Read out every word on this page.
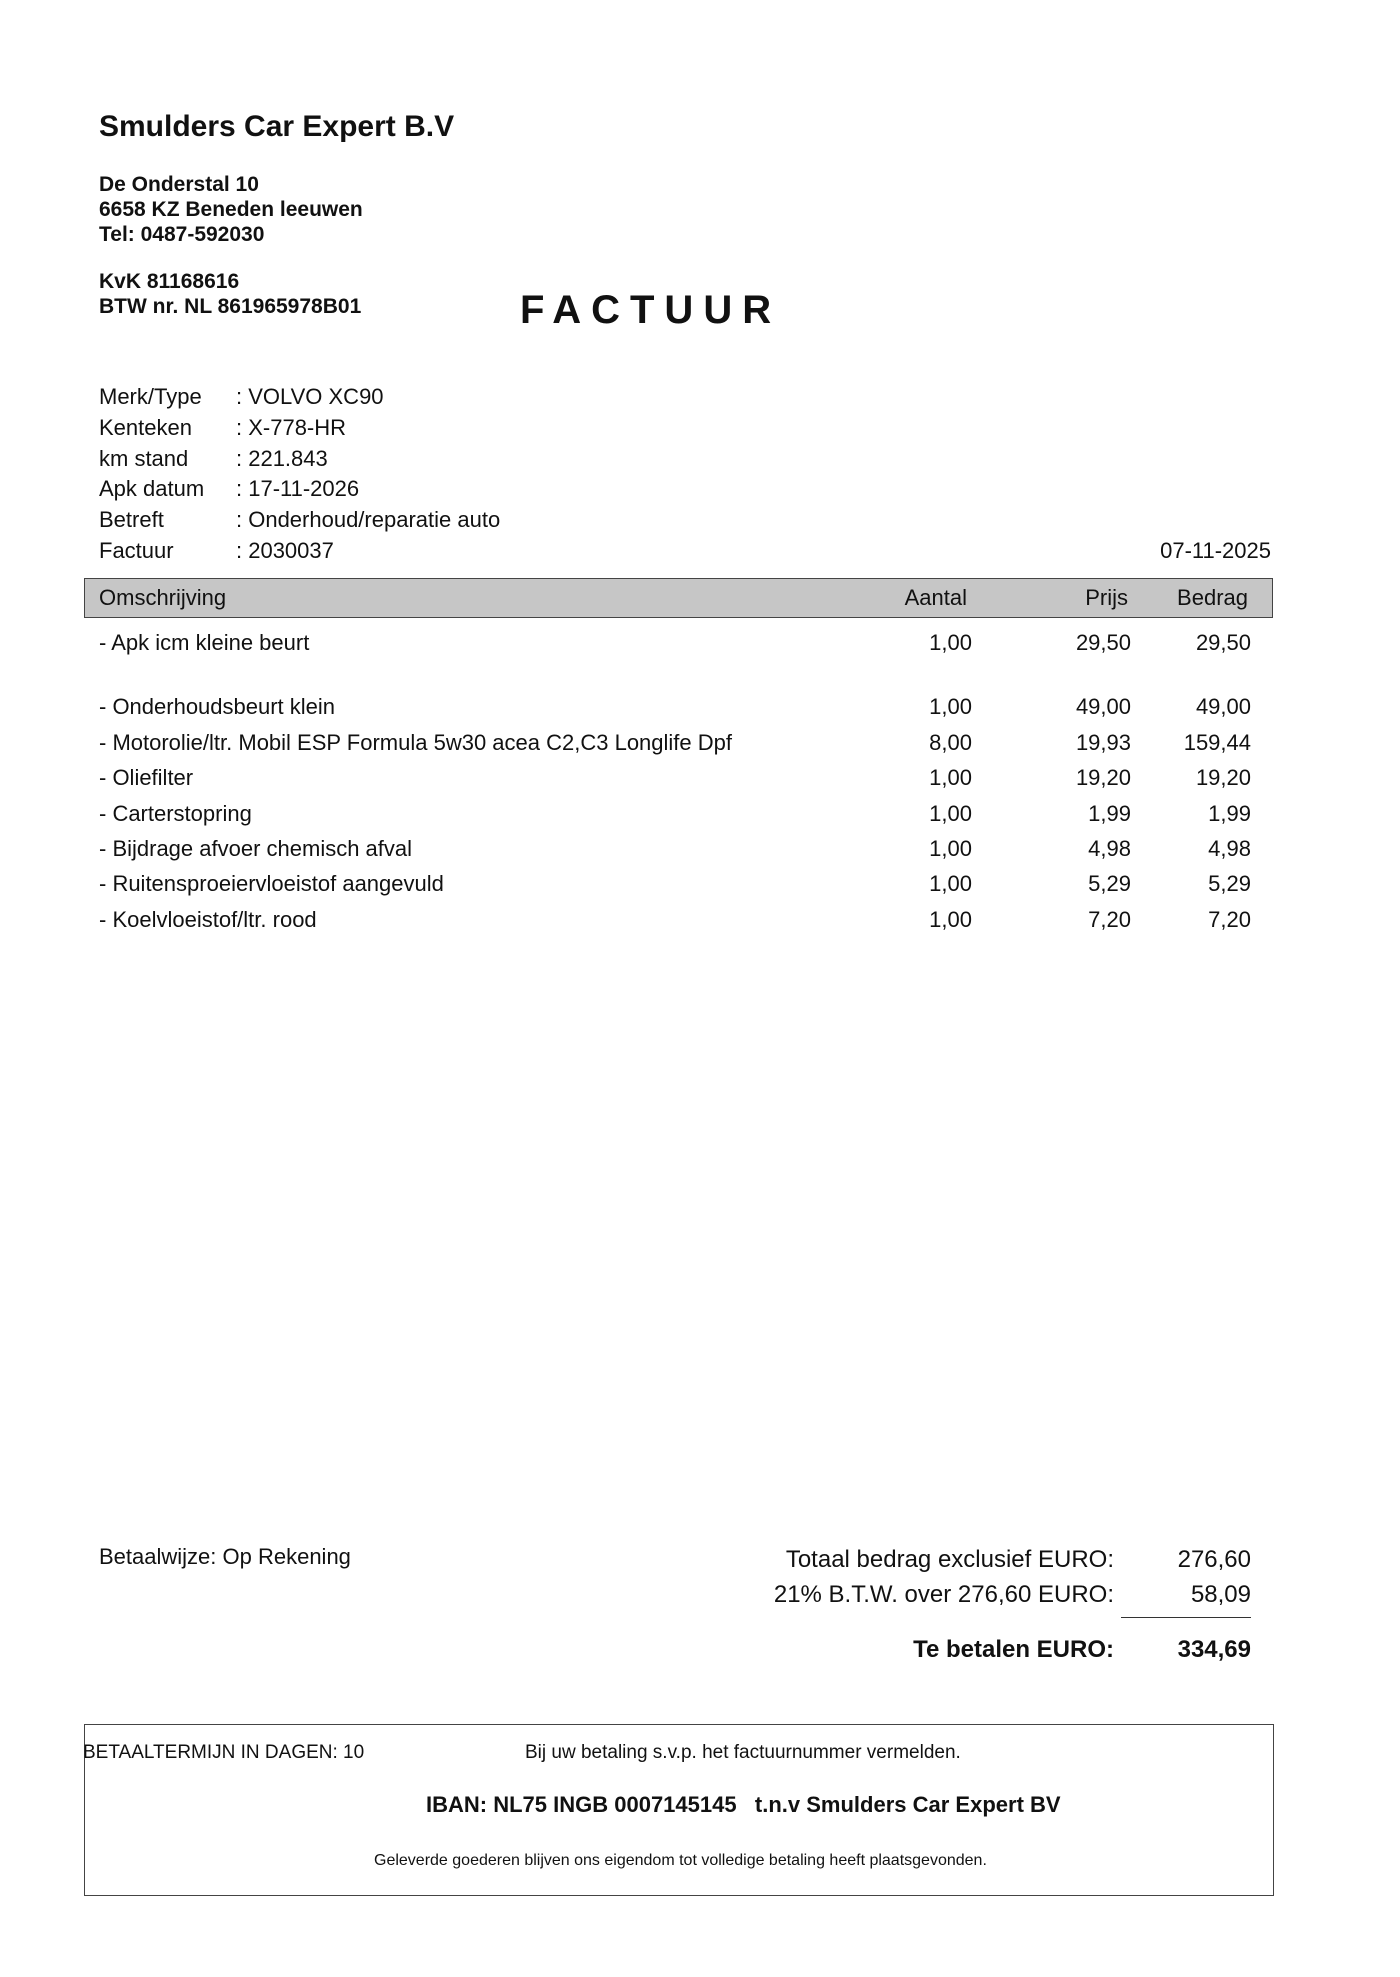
Smulders Car Expert B.V
De Onderstal 10
6658 KZ Beneden leeuwen
Tel: 0487-592030
KvK 81168616
BTW nr. NL 861965978B01	FACTUUR
Merk/Type : VOLVO XC90
Kenteken : X-778-HR
km stand : 221.843
Apk datum : 17-11-2026
Betreft	: Onderhoud/reparatie auto
Factuur	: 2030037	07-11-2025
Omschrijving	Aantal	Prijs Bedrag
- Apk icm kleine beurt	1,00	29,50	29,50
- Onderhoudsbeurt klein	1,00	49,00	49,00
- Motorolie/ltr. Mobil ESP Formula 5w30 acea C2,C3 Longlife Dpf	8,00	19,93 159,44
- Oliefilter	1,00	19,20	19,20
- Carterstopring	1,00	1,99	1,99
- Bijdrage afvoer chemisch afval	1,00	4,98	4,98
- Ruitensproeiervloeistof aangevuld	1,00	5,29	5,29
- Koelvloeistof/ltr. rood	1,00	7,20	7,20
Betaalwijze: Op Rekening	Totaal bedrag exclusief EURO:	276,60
21% B.T.W. over 276,60 EURO:	58,09
Te betalen EURO:	334,69
BETAALTERMIJN IN DAGEN: 10	Bij uw betaling s.v.p. het factuurnummer vermelden.
IBAN: NL75 INGB 0007145145   t.n.v Smulders Car Expert BV
Geleverde goederen blijven ons eigendom tot volledige betaling heeft plaatsgevonden.
